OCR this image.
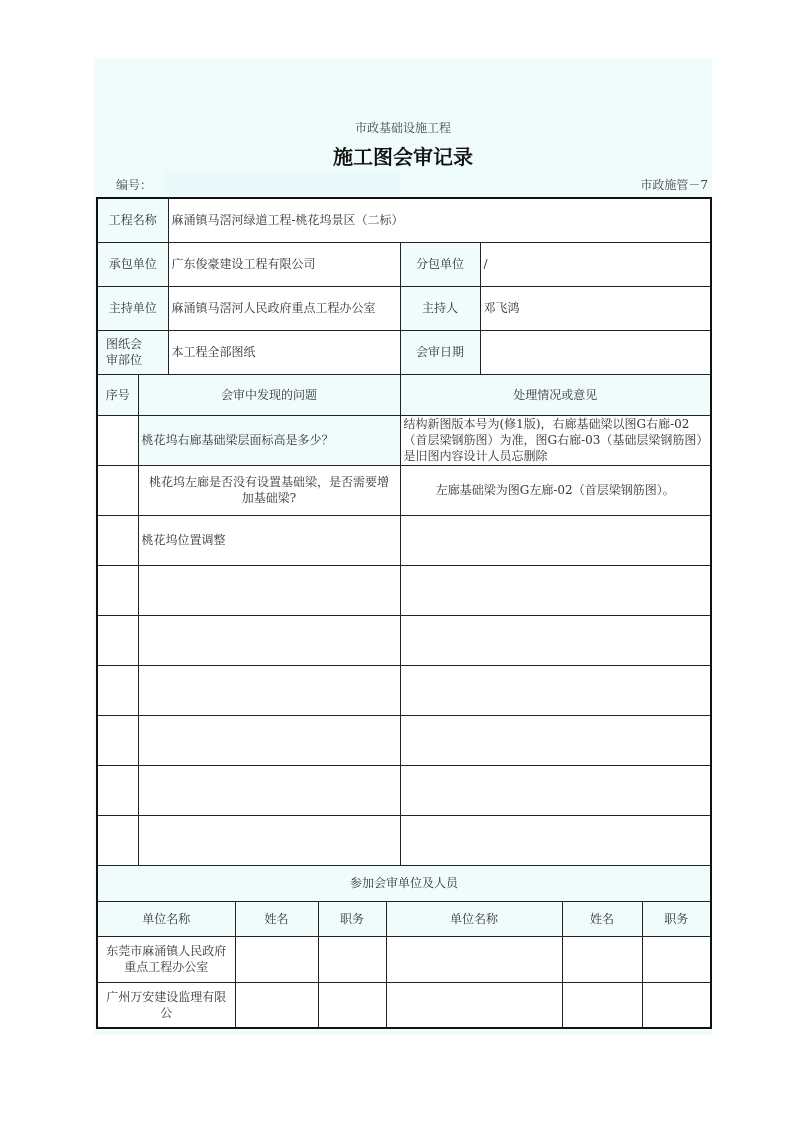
市政基础设施工程
施工图会审记录
编号：	市政施管－7
工程名称		麻涌镇马滘河绿道工程-桃花坞景区（二标）							
承包单位		广东俊豪建设工程有限公司				分包单位	/		
主持单位		麻涌镇马滘河人民政府重点工程办公室				主持人	邓飞鸿		
图纸会审部位		本工程全部图纸				会审日期			
序号	会审中发现的问题					处理情况或意见			
	桃花坞右廊基础梁层面标高是多少？					结构新图版本号为(修1版)，右廊基础梁以图G右廊-02（首层梁钢筋图）为准，图G右廊-03（基础层梁钢筋图）是旧图内容设计人员忘删除			
	桃花坞左廊是否没有设置基础梁，是否需要增加基础梁?					左廊基础梁为图G左廊-02（首层梁钢筋图）。			
	桃花坞位置调整								

参加会审单位及人员									
单位名称			姓名	职务	单位名称			姓名	职务
东莞市麻涌镇人民政府重点工程办公室									
广州万安建设监理有限公									
